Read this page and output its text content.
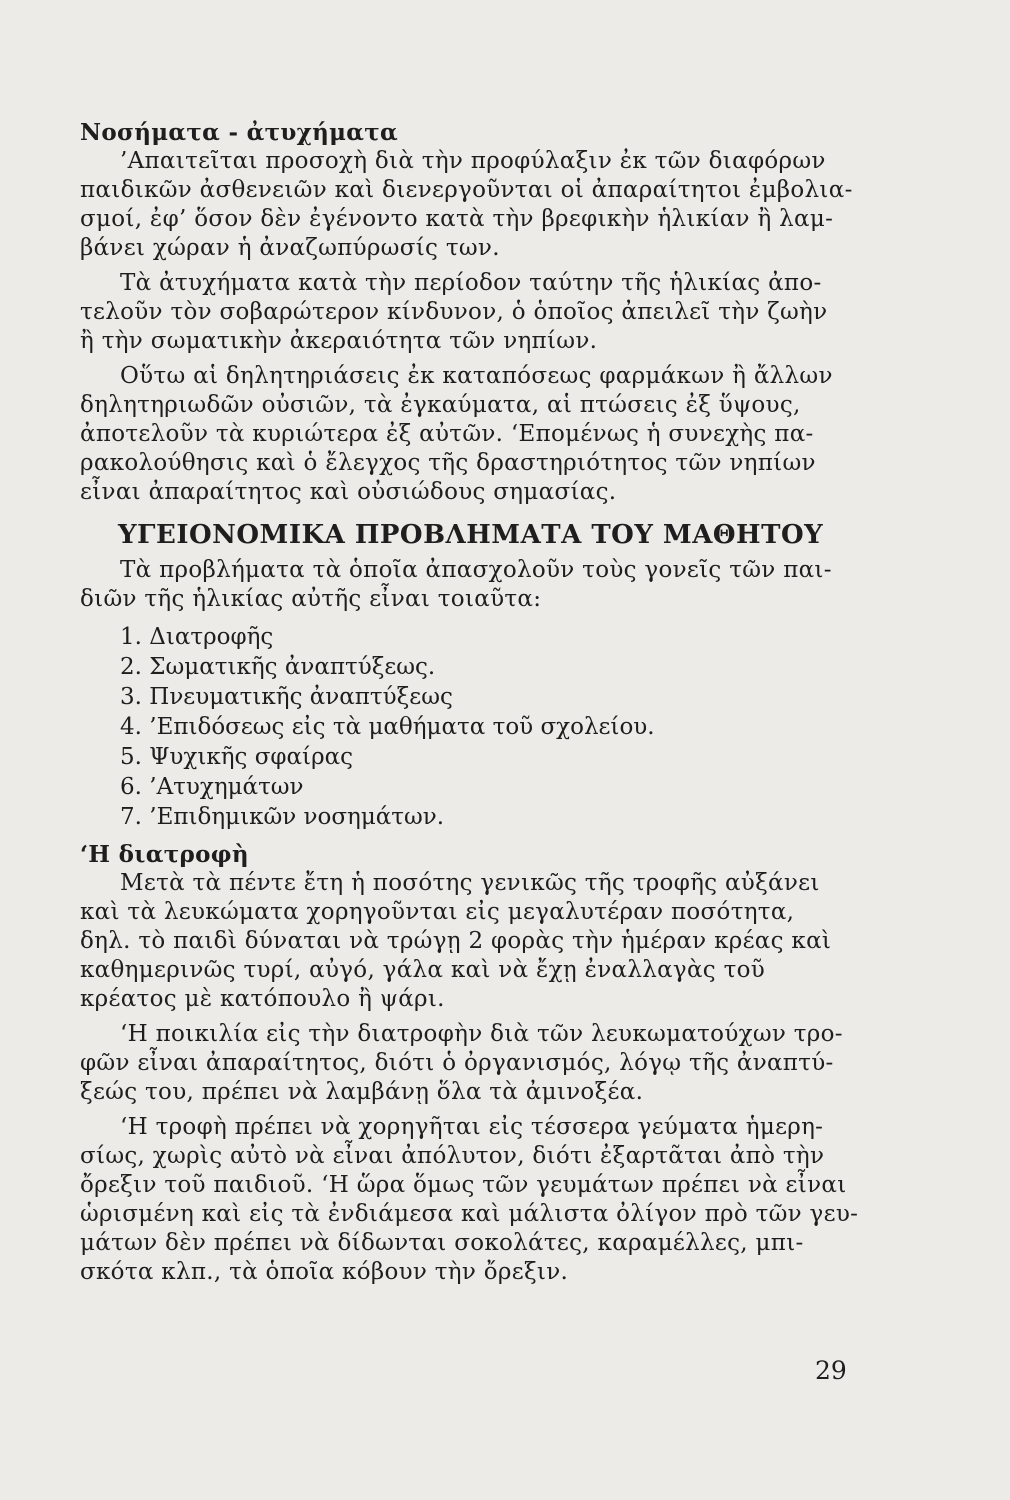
Νοσήματα - ἀτυχήματα
’Απαιτεῖται προσοχὴ διὰ τὴν προφύλαξιν ἐκ τῶν διαφόρων
παιδικῶν ἀσθενειῶν καὶ διενεργοῦνται οἱ ἀπαραίτητοι ἐμβολια-
σμοί, ἐφ’ ὅσον δὲν ἐγένοντο κατὰ τὴν βρεφικὴν ἡλικίαν ἢ λαμ-
βάνει χώραν ἡ ἀναζωπύρωσίς των.
Τὰ ἀτυχήματα κατὰ τὴν περίοδον ταύτην τῆς ἡλικίας ἀπο-
τελοῦν τὸν σοβαρώτερον κίνδυνον, ὁ ὁποῖος ἀπειλεῖ τὴν ζωὴν
ἢ τὴν σωματικὴν ἀκεραιότητα τῶν νηπίων.
Οὕτω αἱ δηλητηριάσεις ἐκ καταπόσεως φαρμάκων ἢ ἄλλων
δηλητηριωδῶν οὐσιῶν, τὰ ἐγκαύματα, αἱ πτώσεις ἐξ ὕψους,
ἀποτελοῦν τὰ κυριώτερα ἐξ αὐτῶν. ‘Επομένως ἡ συνεχὴς πα-
ρακολούθησις καὶ ὁ ἔλεγχος τῆς δραστηριότητος τῶν νηπίων
εἶναι ἀπαραίτητος καὶ οὐσιώδους σημασίας.
ΥΓΕΙΟΝΟΜΙΚΑ ΠΡΟΒΛΗΜΑΤΑ ΤΟΥ ΜΑΘΗΤΟΥ
Τὰ προβλήματα τὰ ὁποῖα ἀπασχολοῦν τοὺς γονεῖς τῶν παι-
διῶν τῆς ἡλικίας αὐτῆς εἶναι τοιαῦτα:
1. Διατροφῆς
2. Σωματικῆς ἀναπτύξεως.
3. Πνευματικῆς ἀναπτύξεως
4. ’Επιδόσεως εἰς τὰ μαθήματα τοῦ σχολείου.
5. Ψυχικῆς σφαίρας
6. ’Ατυχημάτων
7. ’Επιδημικῶν νοσημάτων.
‘Η διατροφὴ
Μετὰ τὰ πέντε ἔτη ἡ ποσότης γενικῶς τῆς τροφῆς αὐξάνει
καὶ τὰ λευκώματα χορηγοῦνται εἰς μεγαλυτέραν ποσότητα,
δηλ. τὸ παιδὶ δύναται νὰ τρώγῃ 2 φορὰς τὴν ἡμέραν κρέας καὶ
καθημερινῶς τυρί, αὐγό, γάλα καὶ νὰ ἔχῃ ἐναλλαγὰς τοῦ
κρέατος μὲ κατόπουλο ἢ ψάρι.
‘Η ποικιλία εἰς τὴν διατροφὴν διὰ τῶν λευκωματούχων τρο-
φῶν εἶναι ἀπαραίτητος, διότι ὁ ὀργανισμός, λόγῳ τῆς ἀναπτύ-
ξεώς του, πρέπει νὰ λαμβάνῃ ὅλα τὰ ἀμινοξέα.
‘Η τροφὴ πρέπει νὰ χορηγῆται εἰς τέσσερα γεύματα ἡμερη-
σίως, χωρὶς αὐτὸ νὰ εἶναι ἀπόλυτον, διότι ἐξαρτᾶται ἀπὸ τὴν
ὄρεξιν τοῦ παιδιοῦ. ‘Η ὥρα ὅμως τῶν γευμάτων πρέπει νὰ εἶναι
ὡρισμένη καὶ εἰς τὰ ἐνδιάμεσα καὶ μάλιστα ὀλίγον πρὸ τῶν γευ-
μάτων δὲν πρέπει νὰ δίδωνται σοκολάτες, καραμέλλες, μπι-
σκότα κλπ., τὰ ὁποῖα κόβουν τὴν ὄρεξιν.
29
